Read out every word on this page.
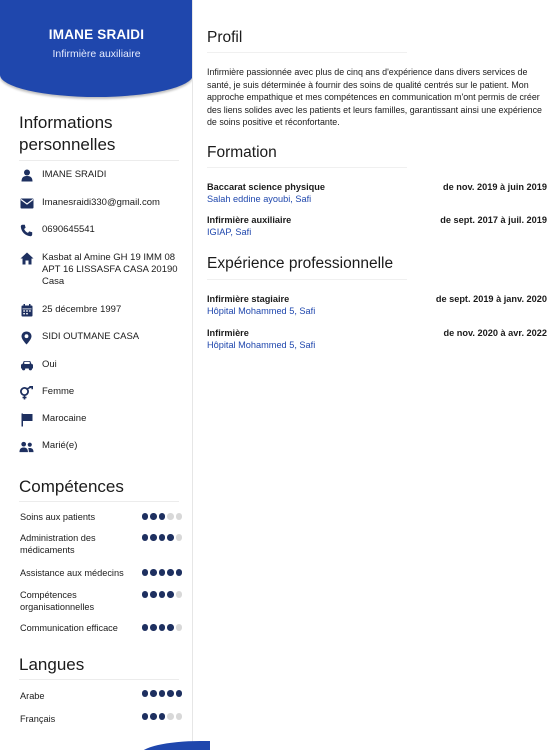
IMANE SRAIDI
Infirmière auxiliaire
Informations
personnelles
IMANE SRAIDI
Imanesraidi330@gmail.com
0690645541
Kasbat al Amine GH 19 IMM 08 APT 16 LISSASFA CASA 20190 Casa
25 décembre 1997
SIDI OUTMANE CASA
Oui
Femme
Marocaine
Marié(e)
Compétences
Soins aux patients
Administration des médicaments
Assistance aux médecins
Compétences organisationnelles
Communication efficace
Langues
Arabe
Français
Profil
Infirmière passionnée avec plus de cinq ans d'expérience dans divers services de santé, je suis déterminée à fournir des soins de qualité centrés sur le patient. Mon approche empathique et mes compétences en communication m'ont permis de créer des liens solides avec les patients et leurs familles, garantissant ainsi une expérience de soins positive et réconfortante.
Formation
Baccarat science physique	de nov. 2019 à juin 2019
Salah eddine ayoubi, Safi
Infirmière auxiliaire	de sept. 2017 à juil. 2019
IGIAP, Safi
Expérience professionnelle
Infirmière stagiaire	de sept. 2019 à janv. 2020
Hôpital Mohammed 5, Safi
Infirmière	de nov. 2020 à avr. 2022
Hôpital Mohammed 5, Safi
